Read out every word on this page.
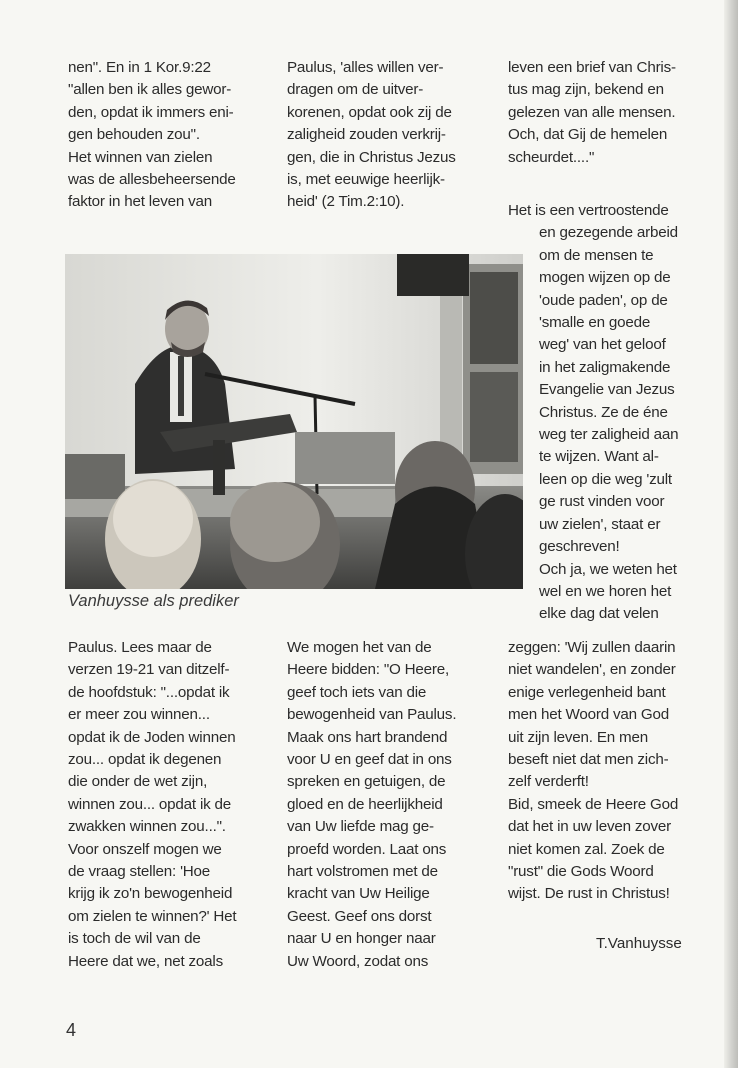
nen". En in 1 Kor.9:22
"allen ben ik alles gewor-
den, opdat ik immers eni-
gen behouden zou".
Het winnen van zielen
was de allesbeheersende
faktor in het leven van
Paulus, 'alles willen ver-
dragen om de uitver-
korenen, opdat ook zij de
zaligheid zouden verkrij-
gen, die in Christus Jezus
is, met eeuwige heerlijk-
heid' (2 Tim.2:10).
leven een brief van Chris-
tus mag zijn, bekend en
gelezen van alle mensen.
Och, dat Gij de hemelen
scheurdet...."
Het is een vertroostende
en gezegende arbeid
om de mensen te
mogen wijzen op de
'oude paden', op de
'smalle en goede
weg' van het geloof
in het zaligmakende
Evangelie van Jezus
Christus. Ze de éne
weg ter zaligheid aan
te wijzen. Want al-
leen op die weg 'zult
ge rust vinden voor
uw zielen', staat er
geschreven!
Och ja, we weten het
wel en we horen het
elke dag dat velen
Vanhuysse als prediker
Paulus. Lees maar de
verzen 19-21 van ditzelf-
de hoofdstuk: "...opdat ik
er meer zou winnen...
opdat ik de Joden winnen
zou... opdat ik degenen
die onder de wet zijn,
winnen zou... opdat ik de
zwakken winnen zou...".
Voor onszelf mogen we
de vraag stellen: 'Hoe
krijg ik zo'n bewogenheid
om zielen te winnen?' Het
is toch de wil van de
Heere dat we, net zoals
We mogen het van de
Heere bidden: "O Heere,
geef toch iets van die
bewogenheid van Paulus.
Maak ons hart brandend
voor U en geef dat in ons
spreken en getuigen, de
gloed en de heerlijkheid
van Uw liefde mag ge-
proefd worden. Laat ons
hart volstromen met de
kracht van Uw Heilige
Geest. Geef ons dorst
naar U en honger naar
Uw Woord, zodat ons
zeggen: 'Wij zullen daarin
niet wandelen', en zonder
enige verlegenheid bant
men het Woord van God
uit zijn leven. En men
beseft niet dat men zich-
zelf verderft!
Bid, smeek de Heere God
dat het in uw leven zover
niet komen zal. Zoek de
"rust" die Gods Woord
wijst. De rust in Christus!
T.Vanhuysse
4
